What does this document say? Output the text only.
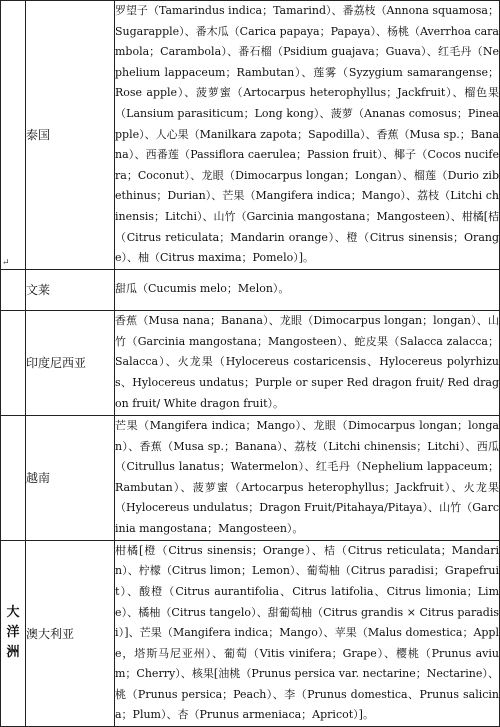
↵
	泰国	罗望子（Tamarindus indica；Tamarind）、番荔枝（Annona squamosa；Sugarapple）、番木瓜（Carica papaya；Papaya）、杨桃（Averrhoa carambola；Carambola）、番石榴（Psidium guajava；Guava）、红毛丹（Nephelium lappaceum；Rambutan）、莲雾（Syzygium samarangense；Rose apple）、菠萝蜜（Artocarpus heterophyllus；Jackfruit）、榴色果（Lansium parasiticum；Long kong）、菠萝（Ananas comosus；Pineapple）、人心果（Manilkara zapota；Sapodilla）、香蕉（Musa sp.；Banana）、西番莲（Passiflora caerulea；Passion fruit）、椰子（Cocos nucifera；Coconut）、龙眼（Dimocarpus longan；Longan）、榴莲（Durio zibethinus；Durian）、芒果（Mangifera indica；Mango）、荔枝（Litchi chinensis；Litchi）、山竹（Garcinia mangostana；Mangosteen）、柑橘[桔（Citrus reticulata；Mandarin orange）、橙（Citrus sinensis；Orange）、柚（Citrus maxima；Pomelo）]。
	文莱	甜瓜（Cucumis melo；Melon）。
	印度尼西亚	香蕉（Musa nana；Banana）、龙眼（Dimocarpus longan；longan）、山竹（Garcinia mangostana；Mangosteen）、蛇皮果（Salacca zalacca；Salacca）、火龙果（Hylocereus costaricensis、Hylocereus polyrhizus、Hylocereus undatus；Purple or super Red dragon fruit/ Red dragon fruit/ White dragon fruit）。
	越南	芒果（Mangifera indica；Mango）、龙眼（Dimocarpus longan；longan）、香蕉（Musa sp.；Banana）、荔枝（Litchi chinensis；Litchi）、西瓜（Citrullus lanatus；Watermelon）、红毛丹（Nephelium lappaceum；Rambutan）、菠萝蜜（Artocarpus heterophyllus；Jackfruit）、火龙果（Hylocereus undulatus；Dragon Fruit/Pitahaya/Pitaya）、山竹（Garcinia mangostana；Mangosteen）。

大洋洲	澳大利亚	柑橘[橙（Citrus sinensis；Orange）、桔（Citrus reticulata；Mandarin）、柠檬（Citrus limon；Lemon）、葡萄柚（Citrus paradisi；Grapefruit）、酸橙（Citrus aurantifolia、Citrus latifolia、Citrus limonia；Lime）、橘柚（Citrus tangelo）、甜葡萄柚（Citrus grandis × Citrus paradisi）]、芒果（Mangifera indica；Mango）、苹果（Malus domestica；Apple，塔斯马尼亚州）、葡萄（Vitis vinifera；Grape）、樱桃（Prunus avium；Cherry）、核果[油桃（Prunus persica var. nectarine；Nectarine）、桃（Prunus persica；Peach）、李（Prunus domestica、Prunus salicina；Plum）、杏（Prunus armeniaca；Apricot）]。
